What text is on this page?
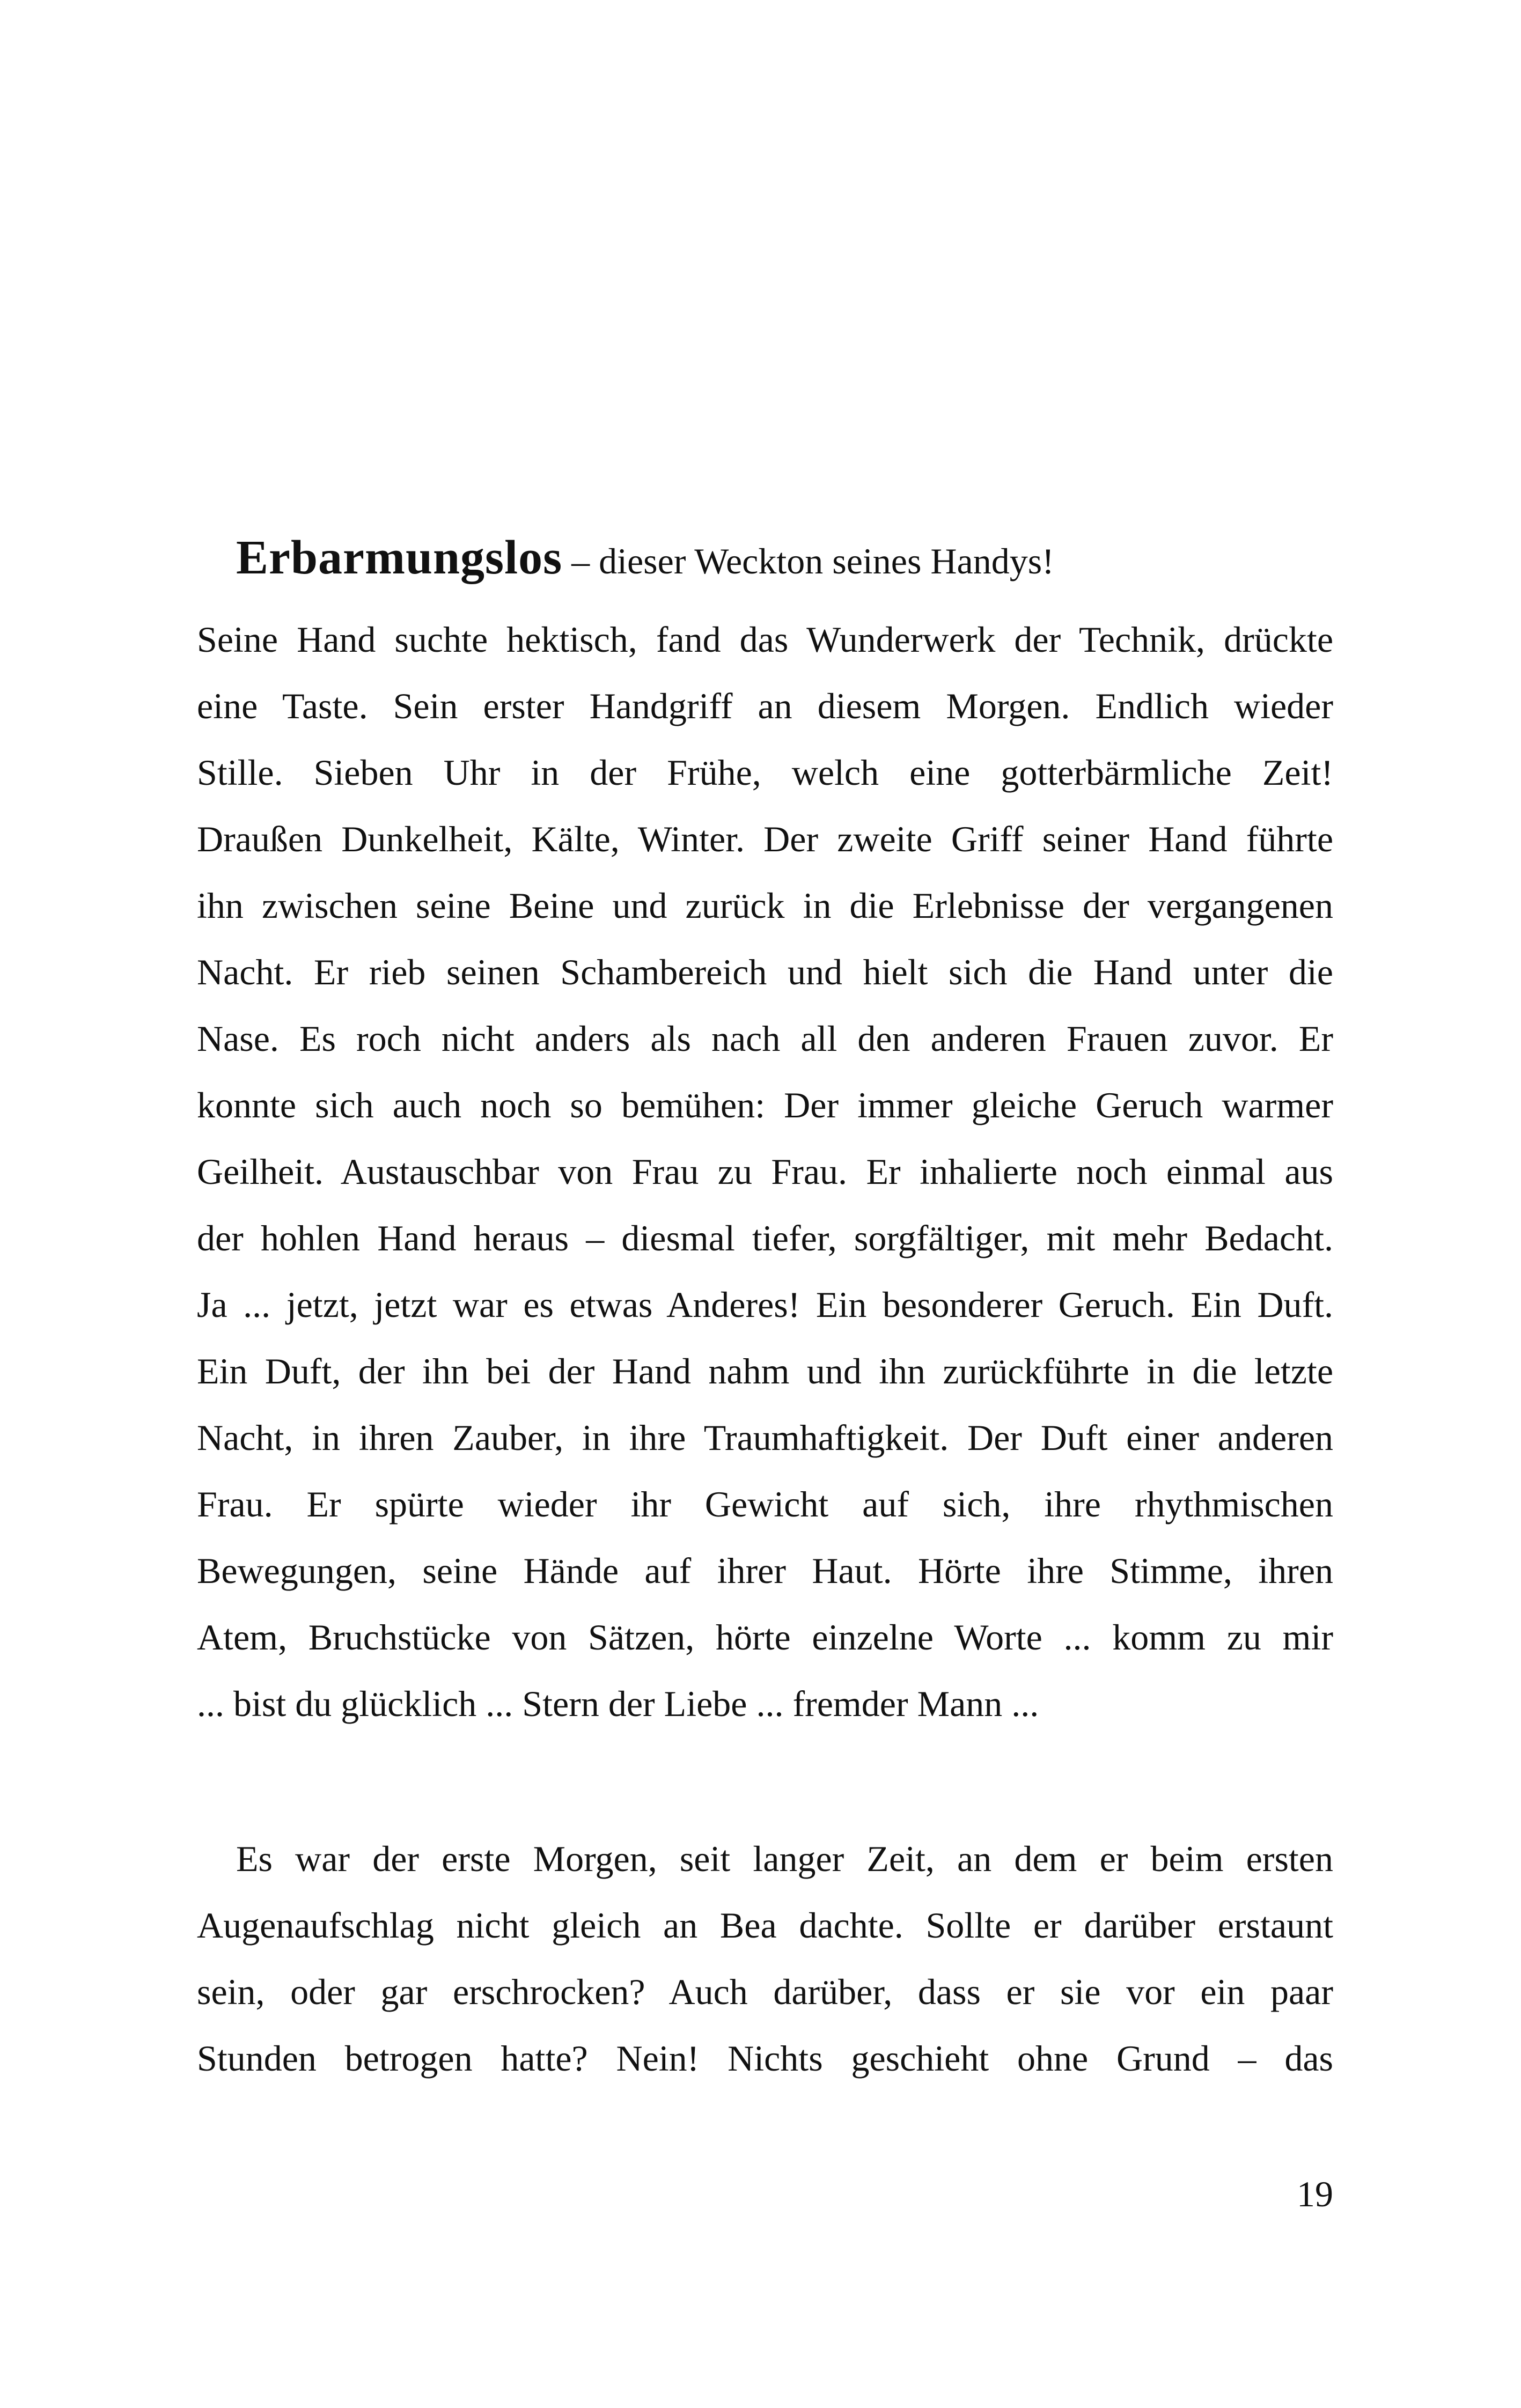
Erbarmungslos – dieser Weckton seines Handys!

Seine Hand suchte hektisch, fand das Wunderwerk der Technik, drückte

eine Taste. Sein erster Handgriff an diesem Morgen. Endlich wieder

Stille. Sieben Uhr in der Frühe, welch eine gotterbärmliche Zeit!

Draußen Dunkelheit, Kälte, Winter. Der zweite Griff seiner Hand führte

ihn zwischen seine Beine und zurück in die Erlebnisse der vergangenen

Nacht. Er rieb seinen Schambereich und hielt sich die Hand unter die

Nase. Es roch nicht anders als nach all den anderen Frauen zuvor. Er

konnte sich auch noch so bemühen: Der immer gleiche Geruch warmer

Geilheit. Austauschbar von Frau zu Frau. Er inhalierte noch einmal aus

der hohlen Hand heraus – diesmal tiefer, sorgfältiger, mit mehr Bedacht.

Ja ... jetzt, jetzt war es etwas Anderes! Ein besonderer Geruch. Ein Duft.

Ein Duft, der ihn bei der Hand nahm und ihn zurückführte in die letzte

Nacht, in ihren Zauber, in ihre Traumhaftigkeit. Der Duft einer anderen

Frau. Er spürte wieder ihr Gewicht auf sich, ihre rhythmischen

Bewegungen, seine Hände auf ihrer Haut. Hörte ihre Stimme, ihren

Atem, Bruchstücke von Sätzen, hörte einzelne Worte ... komm zu mir

... bist du glücklich ... Stern der Liebe ... fremder Mann ...

Es war der erste Morgen, seit langer Zeit, an dem er beim ersten

Augenaufschlag nicht gleich an Bea dachte. Sollte er darüber erstaunt

sein, oder gar erschrocken? Auch darüber, dass er sie vor ein paar

Stunden betrogen hatte? Nein! Nichts geschieht ohne Grund – das

19
